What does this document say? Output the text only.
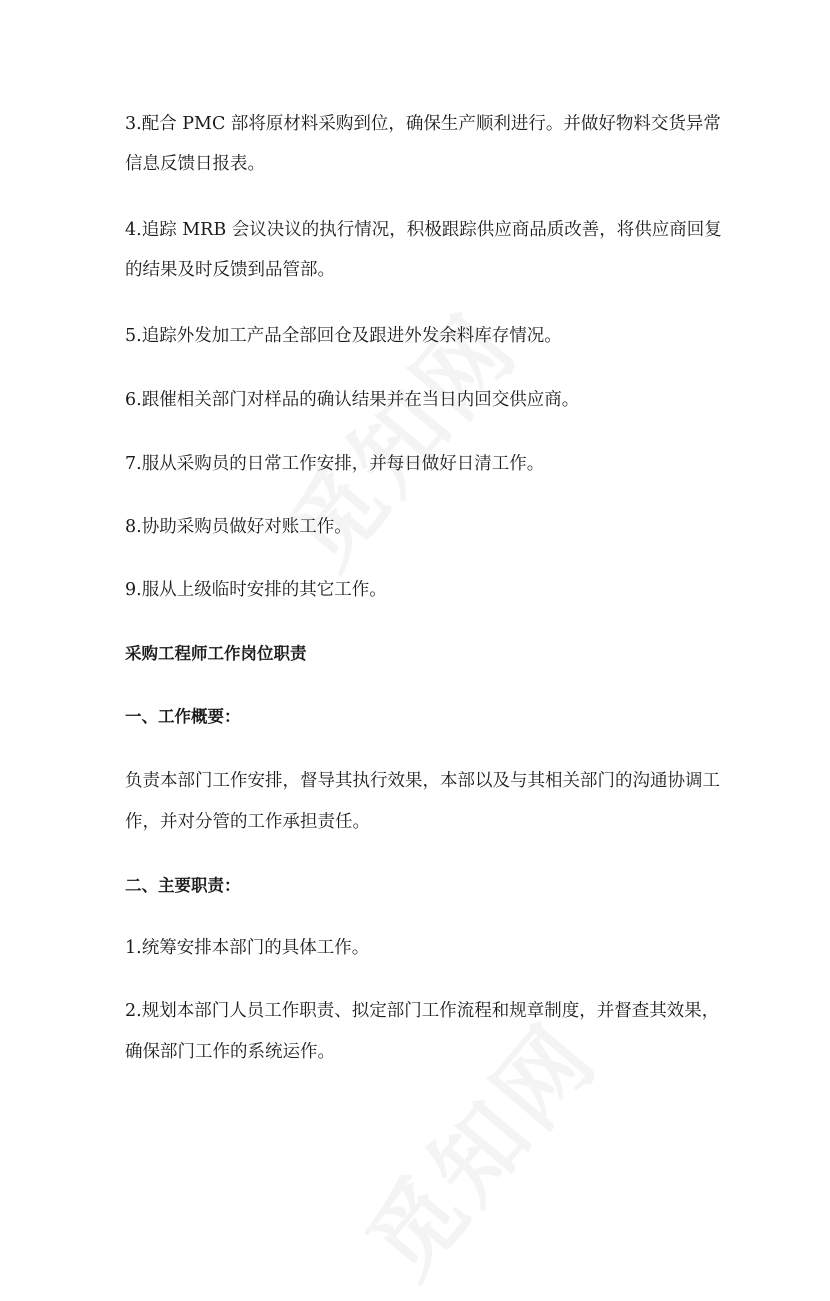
3.配合 PMC 部将原材料采购到位，确保生产顺利进行。并做好物料交货异常
信息反馈日报表。
4.追踪 MRB 会议决议的执行情况，积极跟踪供应商品质改善，将供应商回复
的结果及时反馈到品管部。
5.追踪外发加工产品全部回仓及跟进外发余料库存情况。
6.跟催相关部门对样品的确认结果并在当日内回交供应商。
7.服从采购员的日常工作安排，并每日做好日清工作。
8.协助采购员做好对账工作。
9.服从上级临时安排的其它工作。
采购工程师工作岗位职责
一、工作概要：
负责本部门工作安排，督导其执行效果，本部以及与其相关部门的沟通协调工
作，并对分管的工作承担责任。
二、主要职责：
1.统筹安排本部门的具体工作。
2.规划本部门人员工作职责、拟定部门工作流程和规章制度，并督查其效果，
确保部门工作的系统运作。
